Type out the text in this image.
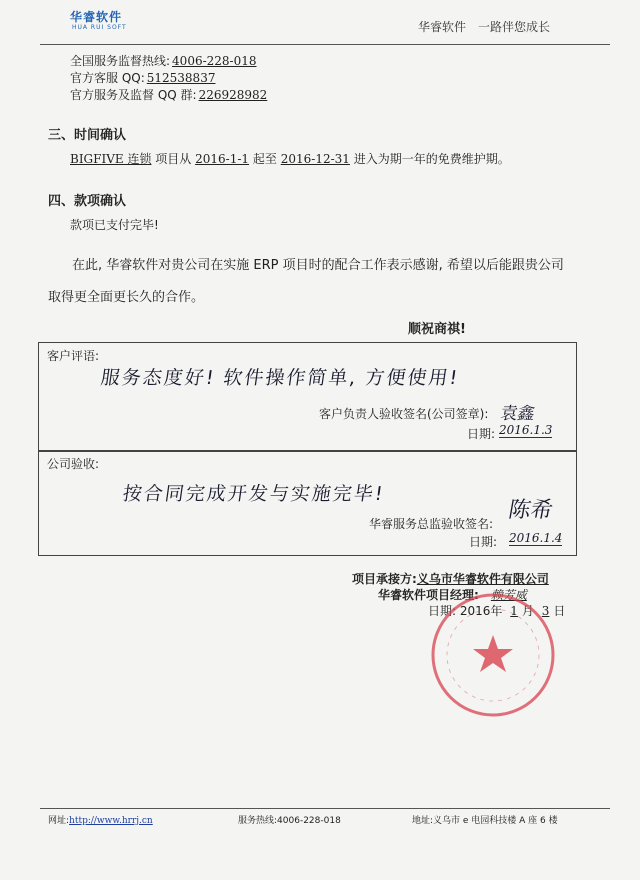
华睿软件
HUA RUI SOFT	华睿软件 一路伴您成长
全国服务监督热线: 4006-228-018
官方客服 QQ: 512538837
官方服务及监督 QQ 群: 226928982
三、时间确认
BIGFIVE 连锁 项目从 2016-1-1 起至 2016-12-31 进入为期一年的免费维护期。
四、款项确认
款项已支付完毕!
在此, 华睿软件对贵公司在实施 ERP 项目时的配合工作表示感谢, 希望以后能跟贵公司取得更全面更长久的合作。
顺祝商祺!
客户评语:
服务态度好! 软件操作简单, 方便使用!
客户负责人验收签名(公司签章): 袁鑫
日期: 2016.1.3
公司验收:
按合同完成开发与实施完毕!
华睿服务总监验收签名:
陈希
日期: 2016.1.4
项目承接方:义乌市华睿软件有限公司
华睿软件项目经理: 赖芳威
日期: 2016年 1 月 3 日
网址:http://www.hrrj.cn	服务热线:4006-228-018	地址:义乌市 e 电园科技楼 A 座 6 楼
